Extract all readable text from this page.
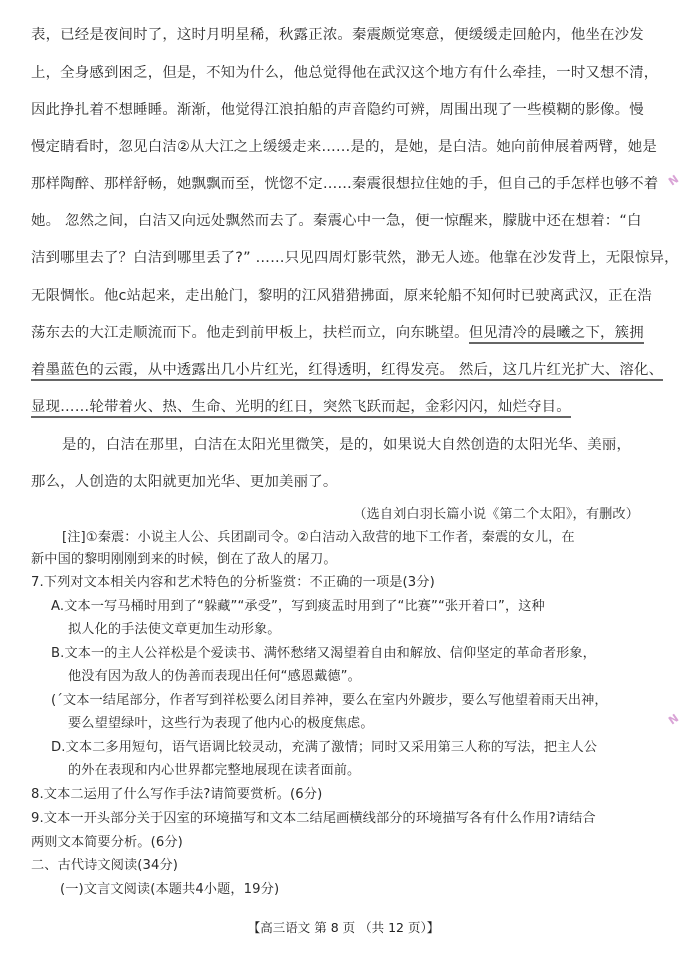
表，已经是夜间时了，这时月明星稀，秋露正浓。秦震颇觉寒意，便缓缓走回舱内，他坐在沙发
上，全身感到困乏，但是，不知为什么，他总觉得他在武汉这个地方有什么牵挂，一时又想不清，
因此挣扎着不想睡睡。渐渐，他觉得江浪拍船的声音隐约可辨，周围出现了一些模糊的影像。慢
慢定睛看时，忽见白洁②从大江之上缓缓走来……是的，是她，是白洁。她向前伸展着两臂，她是
那样陶醉、那样舒畅，她飘飘而至，恍惚不定……秦震很想拉住她的手，但自己的手怎样也够不着
她。 忽然之间，白洁又向远处飘然而去了。秦震心中一急，便一惊醒来，朦胧中还在想着：“白
洁到哪里去了？白洁到哪里丢了?” ……只见四周灯影茕然，渺无人迹。他靠在沙发背上，无限惊异，
无限惆怅。他c站起来，走出舱门，黎明的江风猎猎拂面，原来轮船不知何时已驶离武汉，正在浩
荡东去的大江走顺流而下。他走到前甲板上，扶栏而立，向东眺望。但见清冷的晨曦之下，簇拥
着墨蓝色的云霞，从中透露出几小片红光，红得透明，红得发亮。 然后，这几片红光扩大、溶化、
显现……轮带着火、热、生命、光明的红日，突然飞跃而起，金彩闪闪，灿烂夺目。
是的，白洁在那里，白洁在太阳光里微笑，是的，如果说大自然创造的太阳光华、美丽，
那么，人创造的太阳就更加光华、更加美丽了。
（选自刘白羽长篇小说《第二个太阳》，有删改）
[注]①秦震：小说主人公、兵团副司令。②白洁动入敌营的地下工作者，秦震的女儿，在
新中国的黎明刚刚到来的时候，倒在了敌人的屠刀。
7.下列对文本相关内容和艺术特色的分析鉴赏：不正确的一项是(3分)
A.文本一写马桶时用到了“躲藏”“承受”，写到痰盂时用到了“比赛”“张开着口”，这种
拟人化的手法使文章更加生动形象。
B.文本一的主人公祥松是个爱读书、满怀愁绪又渴望着自由和解放、信仰坚定的革命者形象，
他没有因为敌人的伪善而表现出任何“感恩戴德”。
(´文本一结尾部分，作者写到祥松要么闭目养神，要么在室内外踱步，要么写他望着雨天出神，
要么望望绿叶，这些行为表现了他内心的极度焦虑。
D.文本二多用短句，语气语调比较灵动，充满了激情；同时又采用第三人称的写法，把主人公
的外在表现和内心世界都完整地展现在读者面前。
8.文本二运用了什么写作手法?请简要赏析。(6分)
9.文本一开头部分关于囚室的环境描写和文本二结尾画横线部分的环境描写各有什么作用?请结合
两则文本简要分析。(6分)
二、古代诗文阅读(34分)
(一)文言文阅读(本题共4小题，19分)
【高三语文 第 8 页 （共 12 页）】
N
N
